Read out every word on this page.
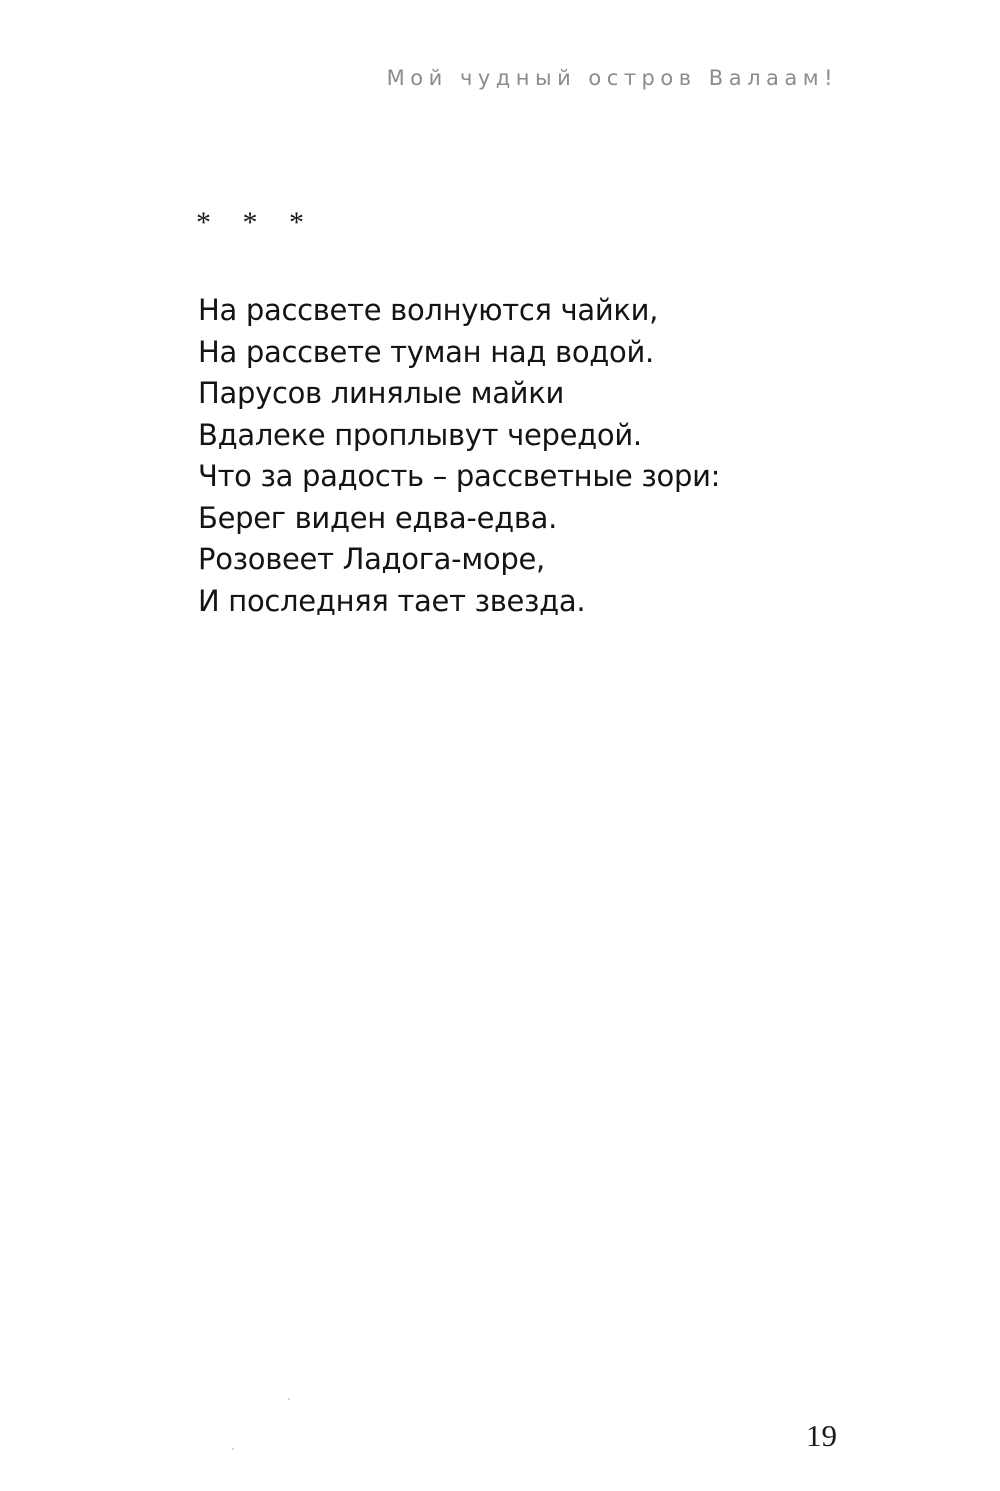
Мой чудный остров Валаам!
* * *
На рассвете волнуются чайки,
На рассвете туман над водой.
Парусов линялые майки
Вдалеке проплывут чередой.
Что за радость – рассветные зори:
Берег виден едва-едва.
Розовеет Ладога-море,
И последняя тает звезда.
19
